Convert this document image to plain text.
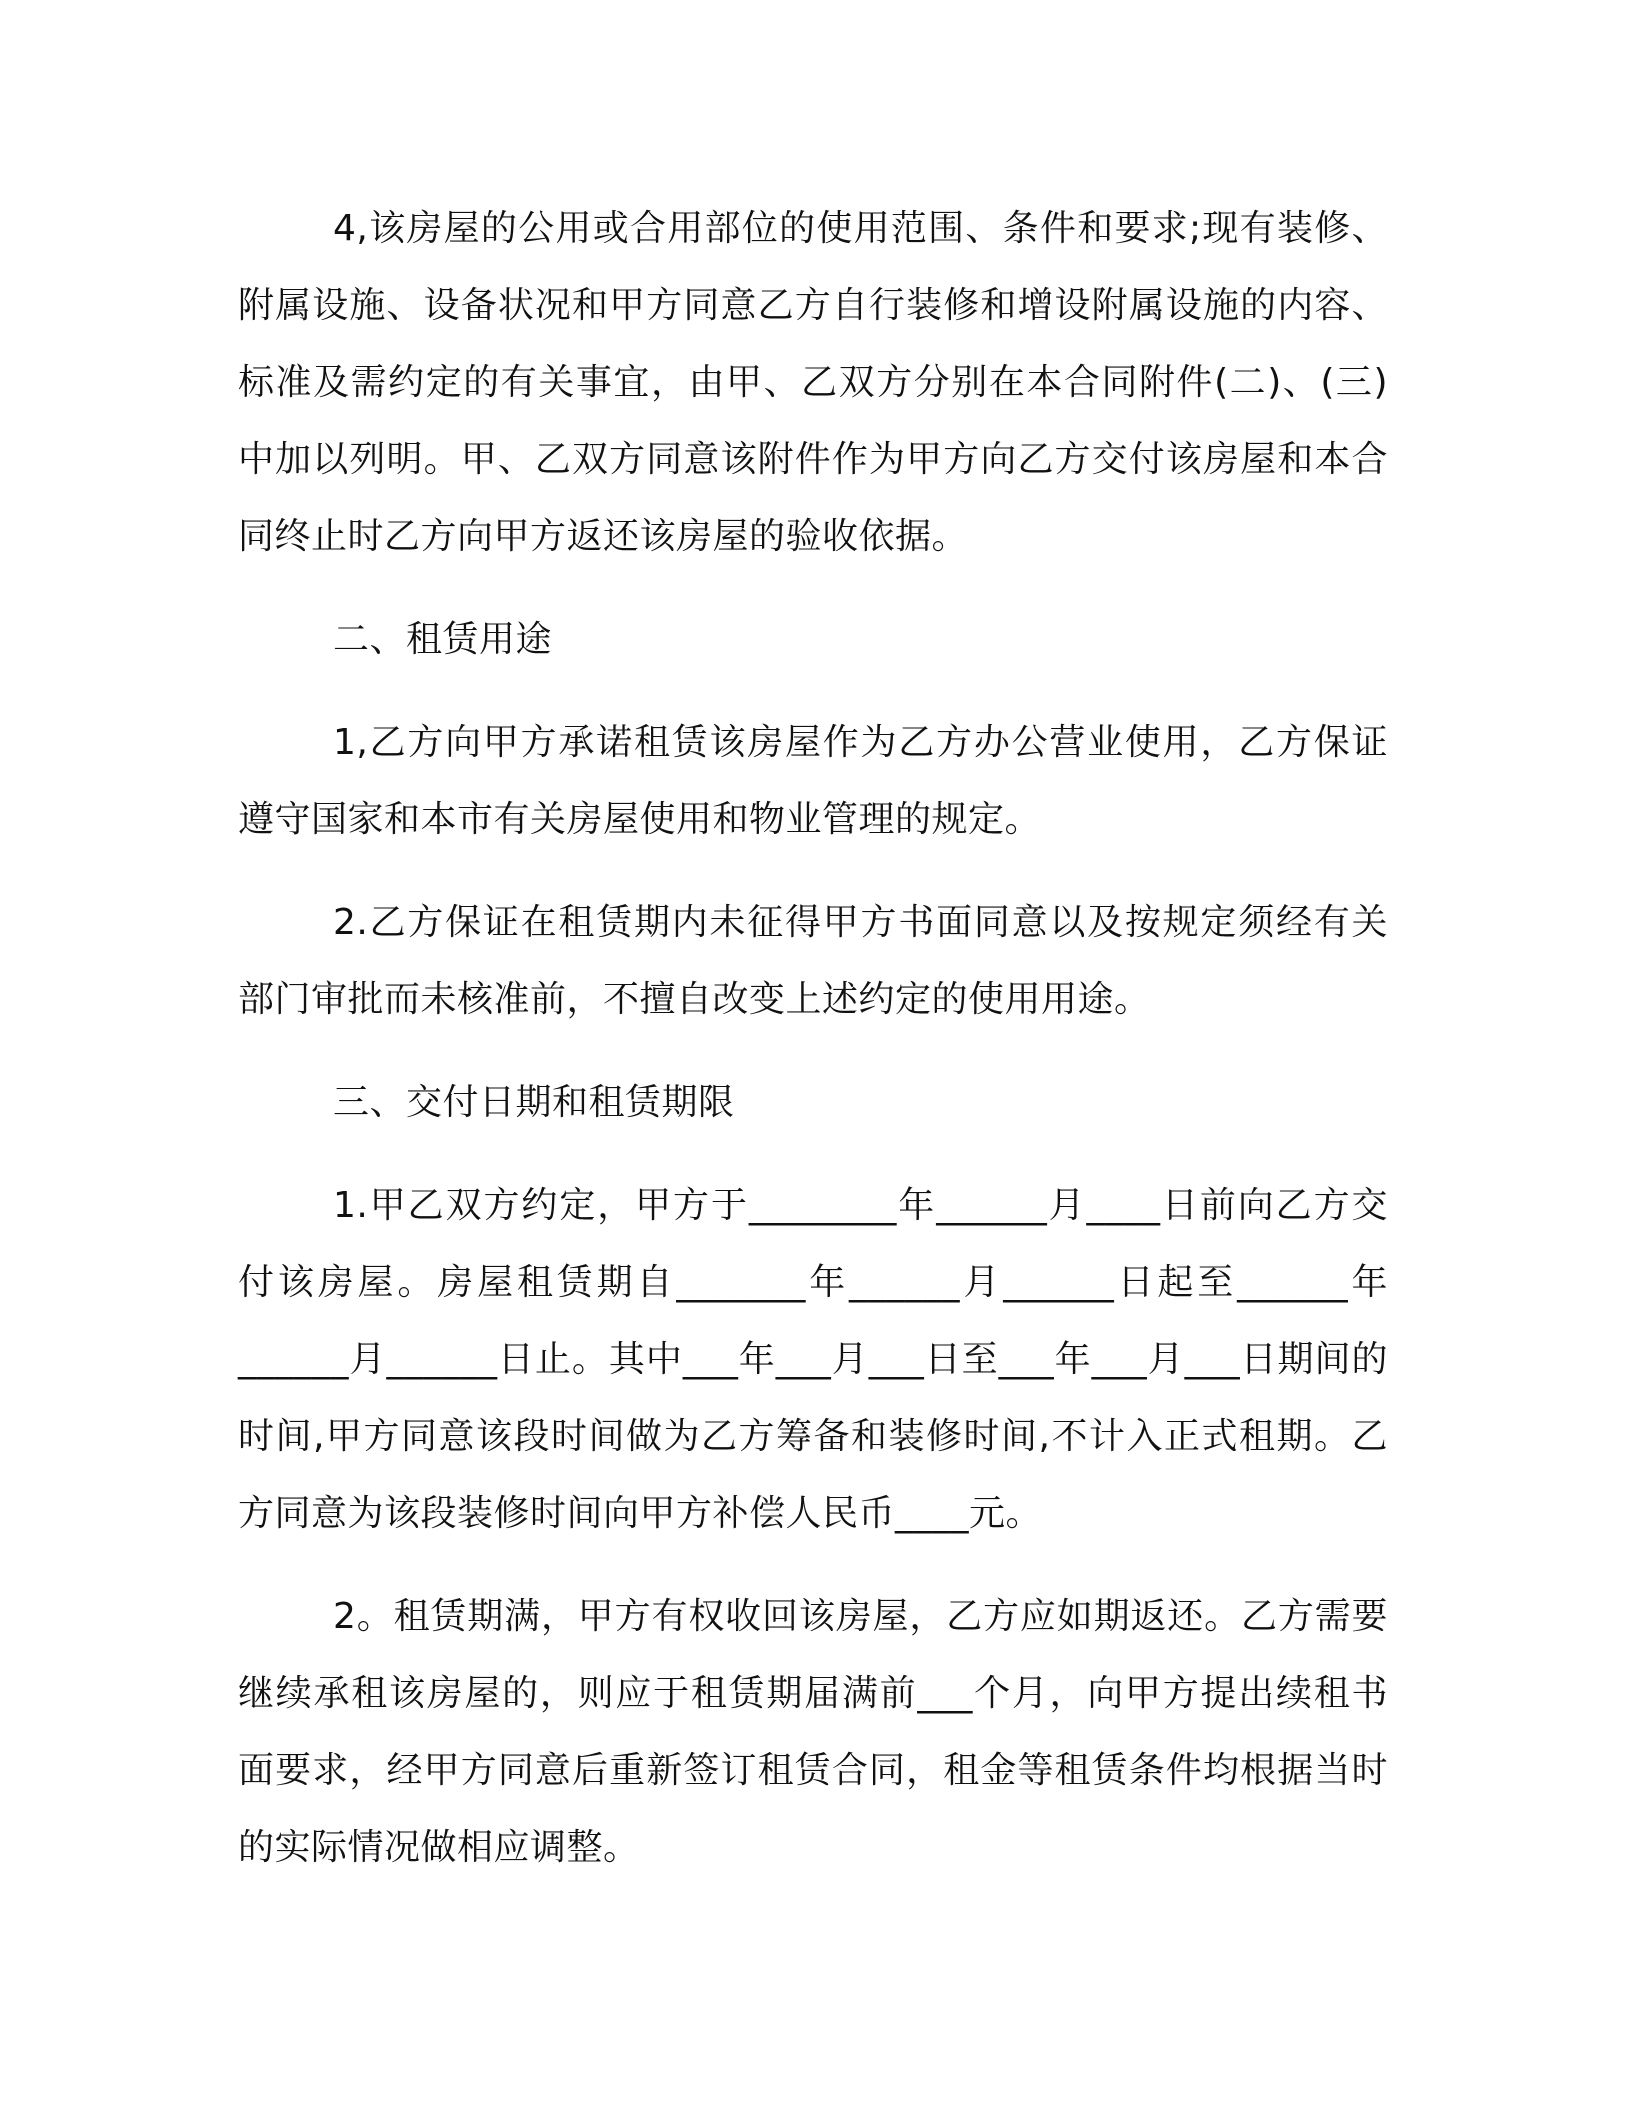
4,该房屋的公用或合用部位的使用范围、条件和要求;现有装修、附属设施、设备状况和甲方同意乙方自行装修和增设附属设施的内容、标准及需约定的有关事宜，由甲、乙双方分别在本合同附件(二)、(三)中加以列明。甲、乙双方同意该附件作为甲方向乙方交付该房屋和本合同终止时乙方向甲方返还该房屋的验收依据。

二、租赁用途

1,乙方向甲方承诺租赁该房屋作为乙方办公营业使用，乙方保证遵守国家和本市有关房屋使用和物业管理的规定。

2.乙方保证在租赁期内未征得甲方书面同意以及按规定须经有关部门审批而未核准前，不擅自改变上述约定的使用用途。

三、交付日期和租赁期限

1.甲乙双方约定，甲方于________年______月____日前向乙方交付该房屋。房屋租赁期自_______年______月______日起至______年______月______日止。其中___年___月___日至___年___月___日期间的时间,甲方同意该段时间做为乙方筹备和装修时间,不计入正式租期。乙方同意为该段装修时间向甲方补偿人民币____元。

2。租赁期满，甲方有权收回该房屋，乙方应如期返还。乙方需要继续承租该房屋的，则应于租赁期届满前___个月，向甲方提出续租书面要求，经甲方同意后重新签订租赁合同，租金等租赁条件均根据当时的实际情况做相应调整。
